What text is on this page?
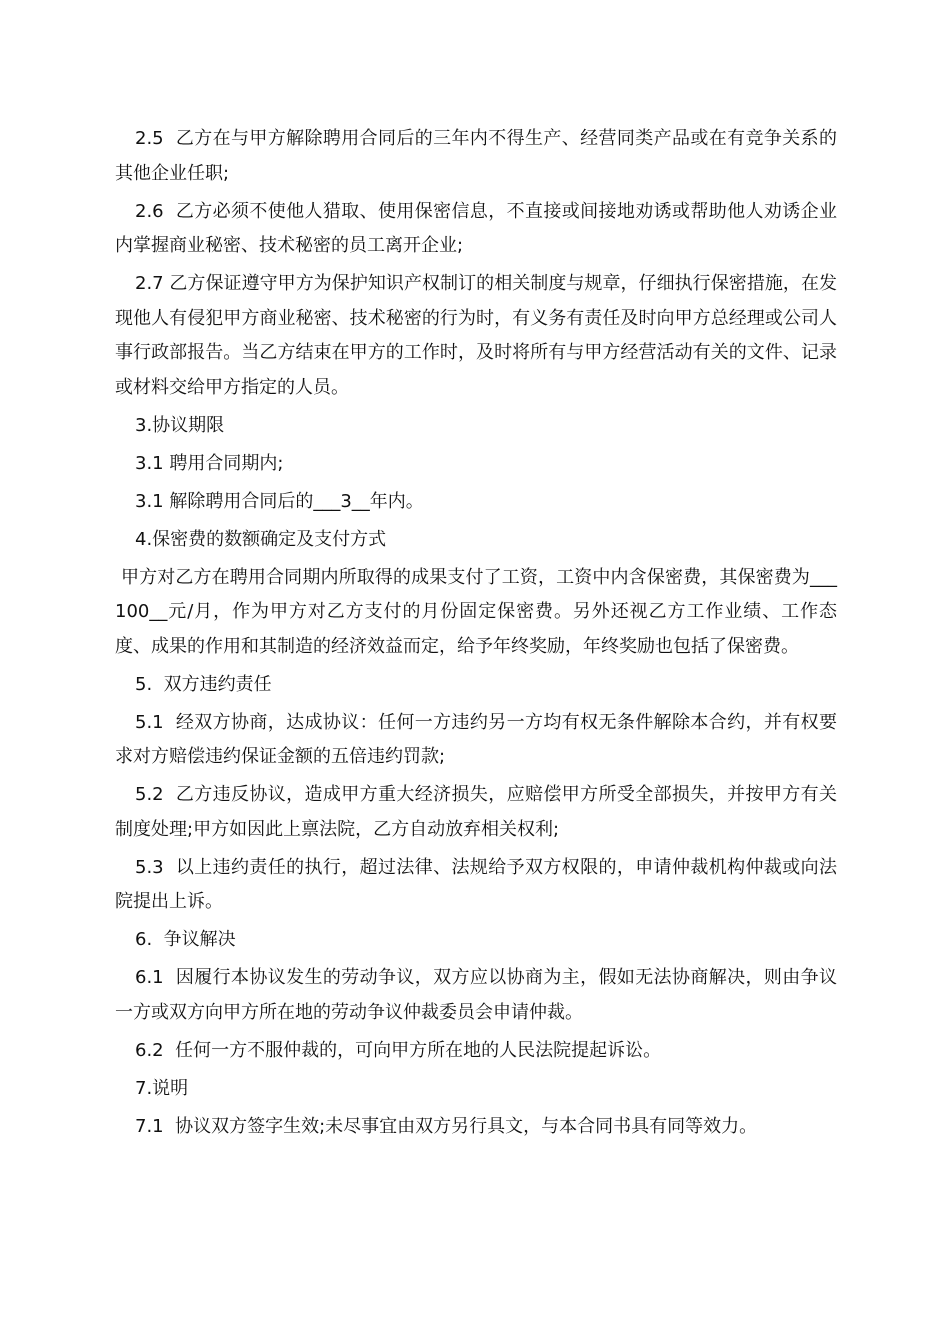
2.5  乙方在与甲方解除聘用合同后的三年内不得生产、经营同类产品或在有竞争关系的其他企业任职;

2.6  乙方必须不使他人猎取、使用保密信息，不直接或间接地劝诱或帮助他人劝诱企业内掌握商业秘密、技术秘密的员工离开企业;

2.7 乙方保证遵守甲方为保护知识产权制订的相关制度与规章，仔细执行保密措施，在发现他人有侵犯甲方商业秘密、技术秘密的行为时，有义务有责任及时向甲方总经理或公司人事行政部报告。当乙方结束在甲方的工作时，及时将所有与甲方经营活动有关的文件、记录或材料交给甲方指定的人员。

3.协议期限

3.1 聘用合同期内;

3.1 解除聘用合同后的___3__年内。

4.保密费的数额确定及支付方式

甲方对乙方在聘用合同期内所取得的成果支付了工资，工资中内含保密费，其保密费为___100__元/月，作为甲方对乙方支付的月份固定保密费。另外还视乙方工作业绩、工作态度、成果的作用和其制造的经济效益而定，给予年终奖励，年终奖励也包括了保密费。

5.  双方违约责任

5.1  经双方协商，达成协议：任何一方违约另一方均有权无条件解除本合约，并有权要求对方赔偿违约保证金额的五倍违约罚款;

5.2  乙方违反协议，造成甲方重大经济损失，应赔偿甲方所受全部损失，并按甲方有关制度处理;甲方如因此上禀法院，乙方自动放弃相关权利;

5.3  以上违约责任的执行，超过法律、法规给予双方权限的，申请仲裁机构仲裁或向法院提出上诉。

6.  争议解决

6.1  因履行本协议发生的劳动争议，双方应以协商为主，假如无法协商解决，则由争议一方或双方向甲方所在地的劳动争议仲裁委员会申请仲裁。

6.2  任何一方不服仲裁的，可向甲方所在地的人民法院提起诉讼。

7.说明

7.1  协议双方签字生效;未尽事宜由双方另行具文，与本合同书具有同等效力。
